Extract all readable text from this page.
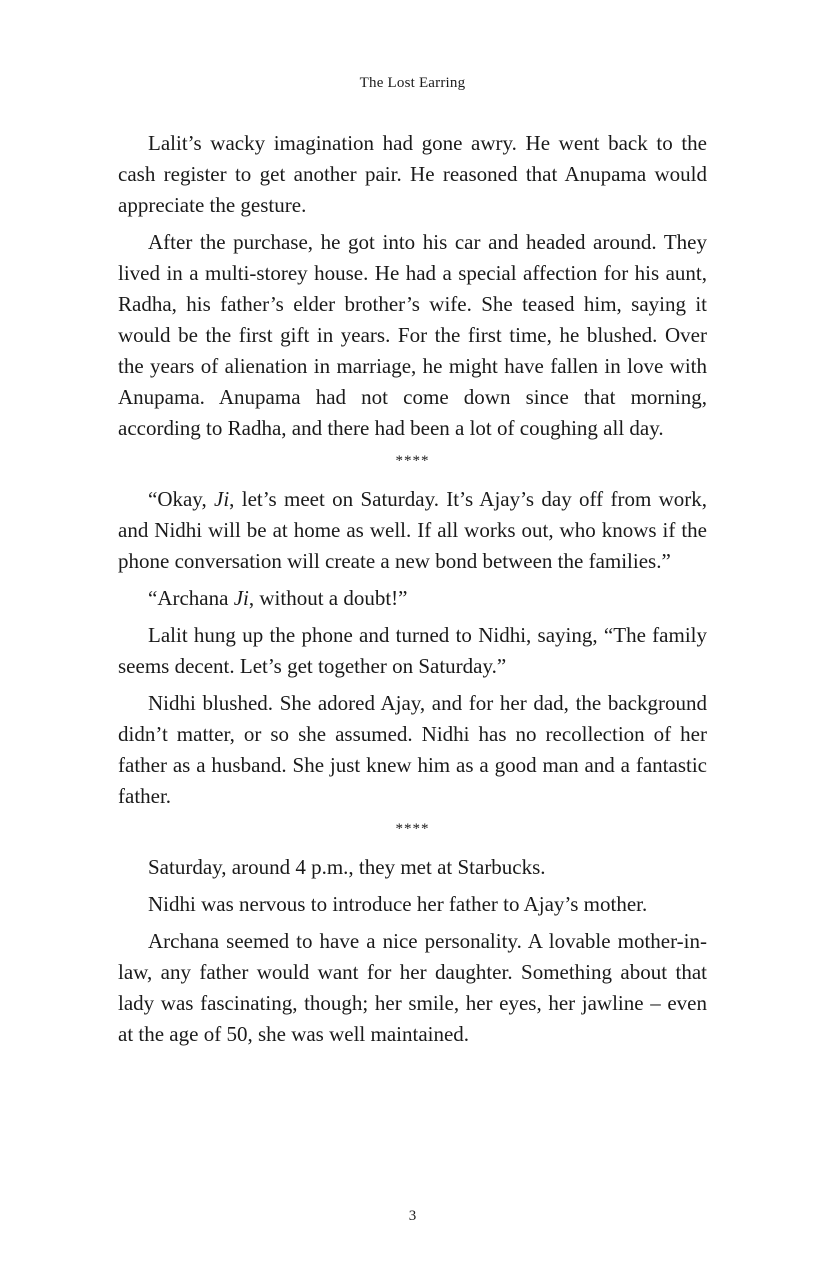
The Lost Earring

Lalit’s wacky imagination had gone awry. He went back to the cash register to get another pair. He reasoned that Anupama would appreciate the gesture.

After the purchase, he got into his car and headed around. They lived in a multi-storey house. He had a special affection for his aunt, Radha, his father’s elder brother’s wife. She teased him, saying it would be the first gift in years. For the first time, he blushed. Over the years of alienation in marriage, he might have fallen in love with Anupama. Anupama had not come down since that morning, according to Radha, and there had been a lot of coughing all day.

****

“Okay, Ji, let’s meet on Saturday. It’s Ajay’s day off from work, and Nidhi will be at home as well. If all works out, who knows if the phone conversation will create a new bond between the families.”

“Archana Ji, without a doubt!”

Lalit hung up the phone and turned to Nidhi, saying, “The family seems decent. Let’s get together on Saturday.”

Nidhi blushed. She adored Ajay, and for her dad, the background didn’t matter, or so she assumed. Nidhi has no recollection of her father as a husband. She just knew him as a good man and a fantastic father.

****

Saturday, around 4 p.m., they met at Starbucks.

Nidhi was nervous to introduce her father to Ajay’s mother.

Archana seemed to have a nice personality. A lovable mother-in-law, any father would want for her daughter. Something about that lady was fascinating, though; her smile, her eyes, her jawline – even at the age of 50, she was well maintained.

3
